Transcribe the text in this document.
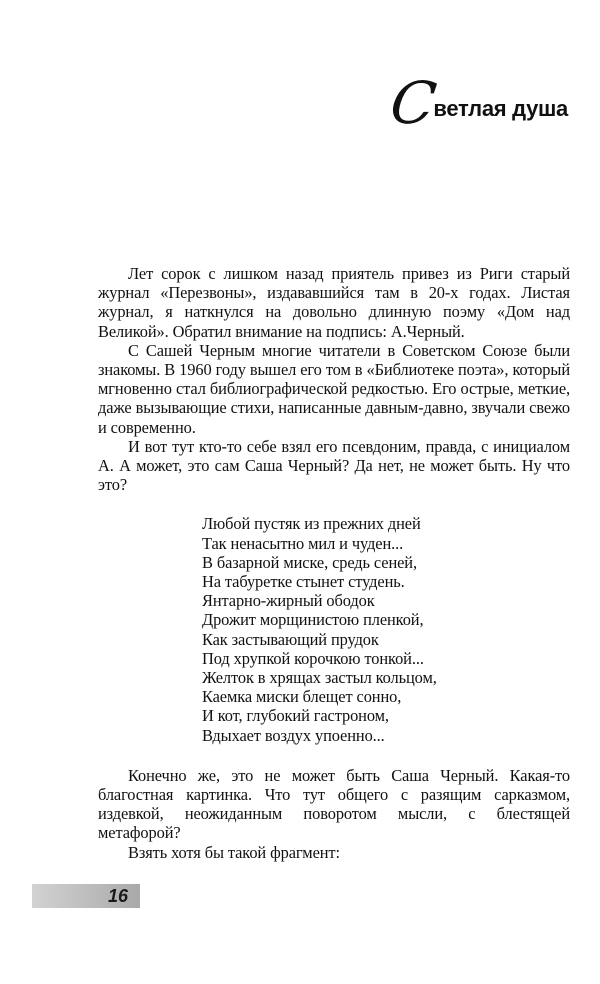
С
ветлая душа

Лет сорок с лишком назад приятель привез из Риги старый журнал «Перезвоны», издававшийся там в 20-х годах. Листая журнал, я наткнулся на довольно длинную поэму «Дом над Великой». Обратил внимание на подпись: А.Черный.

С Сашей Черным многие читатели в Советском Союзе были знакомы. В 1960 году вышел его том в «Библиотеке поэта», который мгновенно стал библиографической редкостью. Его острые, меткие, даже вызывающие стихи, написанные давным-давно, звучали свежо и современно.

И вот тут кто-то себе взял его псевдоним, правда, с инициалом А. А может, это сам Саша Черный? Да нет, не может быть. Ну что это?

Любой пустяк из прежних дней
Так ненасытно мил и чуден...
В базарной миске, средь сеней,
На табуретке стынет студень.
Янтарно-жирный ободок
Дрожит морщинистою пленкой,
Как застывающий прудок
Под хрупкой корочкою тонкой...
Желток в хрящах застыл кольцом,
Каемка миски блещет сонно,
И кот, глубокий гастроном,
Вдыхает воздух упоенно...

Конечно же, это не может быть Саша Черный. Какая-то благостная картинка. Что тут общего с разящим сарказмом, издевкой, неожиданным поворотом мысли, с блестящей метафорой?

Взять хотя бы такой фрагмент:

16
